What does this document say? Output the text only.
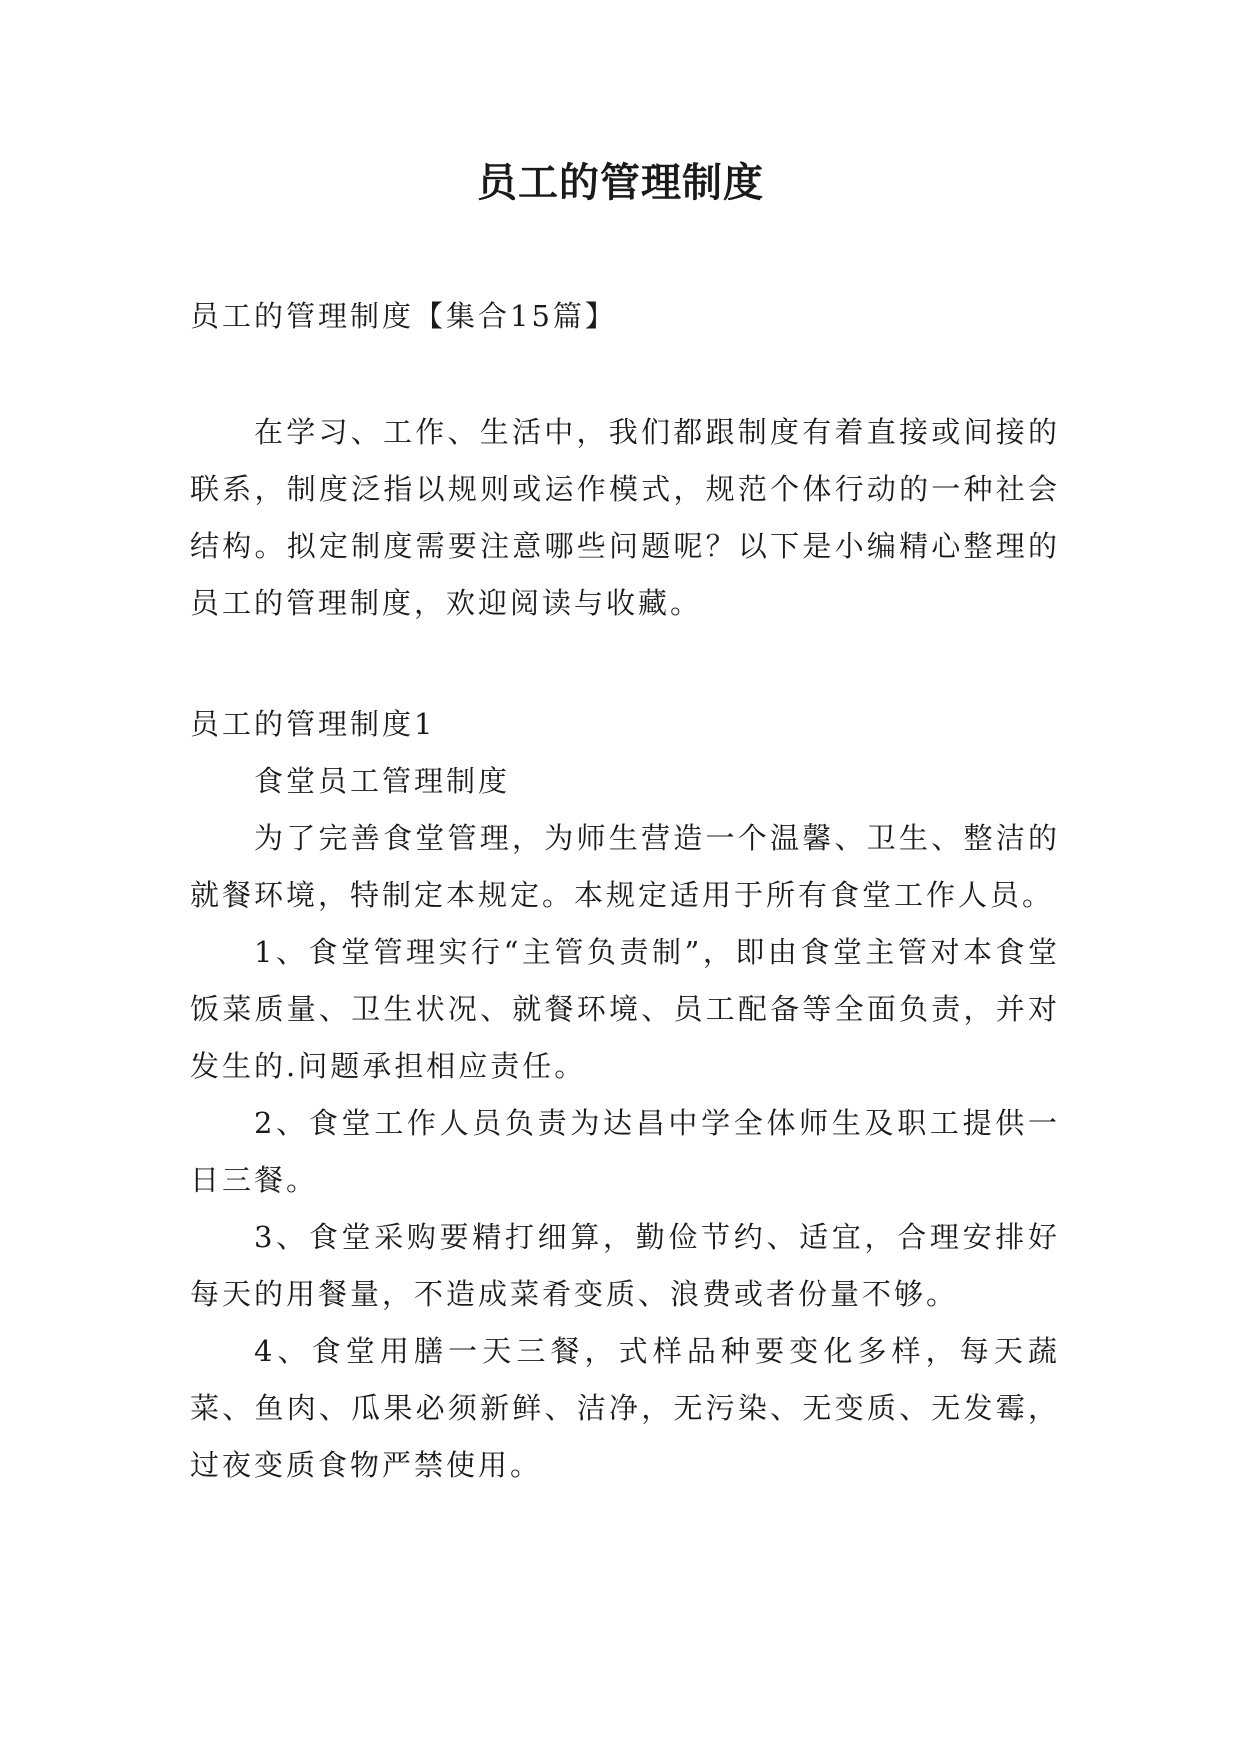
员工的管理制度

员工的管理制度【集合15篇】

在学习、工作、生活中，我们都跟制度有着直接或间接的联系，制度泛指以规则或运作模式，规范个体行动的一种社会结构。拟定制度需要注意哪些问题呢？以下是小编精心整理的员工的管理制度，欢迎阅读与收藏。

员工的管理制度1

食堂员工管理制度

为了完善食堂管理，为师生营造一个温馨、卫生、整洁的就餐环境，特制定本规定。本规定适用于所有食堂工作人员。

1、食堂管理实行“主管负责制”，即由食堂主管对本食堂饭菜质量、卫生状况、就餐环境、员工配备等全面负责，并对发生的.问题承担相应责任。

2、食堂工作人员负责为达昌中学全体师生及职工提供一日三餐。

3、食堂采购要精打细算，勤俭节约、适宜，合理安排好每天的用餐量，不造成菜肴变质、浪费或者份量不够。

4、食堂用膳一天三餐，式样品种要变化多样，每天蔬菜、鱼肉、瓜果必须新鲜、洁净，无污染、无变质、无发霉，过夜变质食物严禁使用。
